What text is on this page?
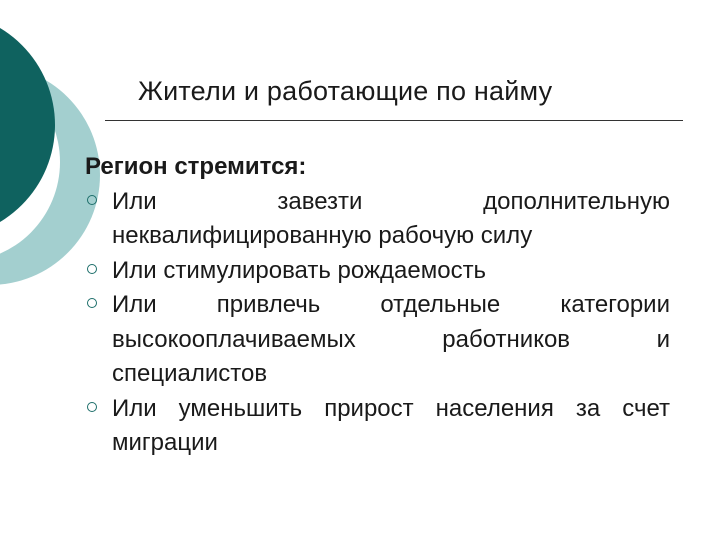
Жители и работающие по найму

Регион стремится:

Или завезти дополнительную неквалифицированную рабочую силу
Или стимулировать рождаемость
Или привлечь отдельные категории высокооплачиваемых работников и специалистов
Или уменьшить прирост населения за счет миграции
